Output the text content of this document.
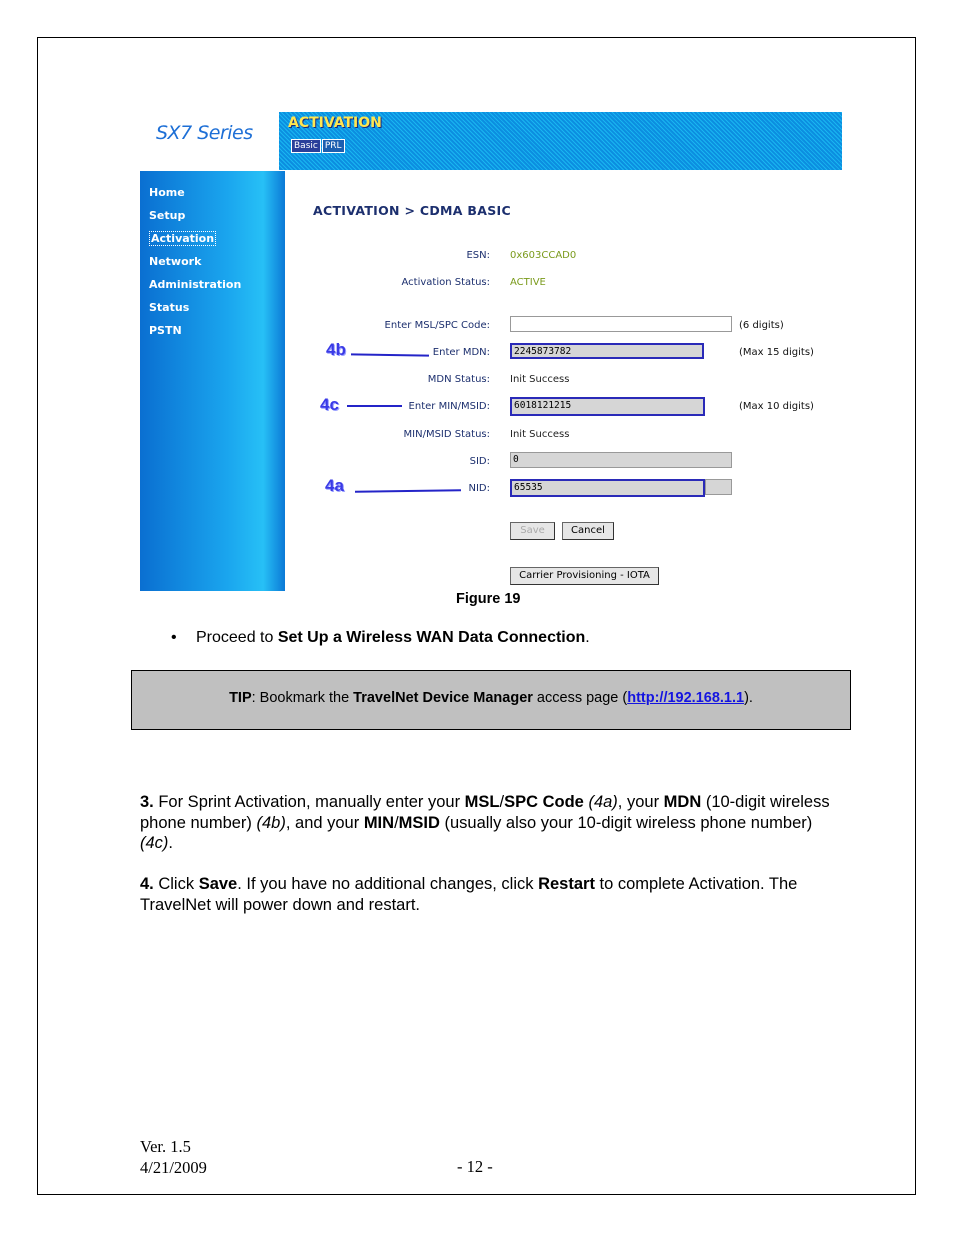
SX7 Series	ACTIVATION
Basic PRL
Home
Setup
Activation
Network
Administration
Status
PSTN
ACTIVATION > CDMA BASIC
ESN: 0x603CCAD0
Activation Status: ACTIVE
Enter MSL/SPC Code:	(6 digits)
Enter MDN:	2245873782	(Max 15 digits)
MDN Status: Init Success
Enter MIN/MSID:	6018121215	(Max 10 digits)
MIN/MSID Status: Init Success
SID:	0
NID:	65535
Save	Cancel
Carrier Provisioning - IOTA
4b
4c
4a
Figure 19
• Proceed to Set Up a Wireless WAN Data Connection.
TIP: Bookmark the TravelNet Device Manager access page (http://192.168.1.1).
3. For Sprint Activation, manually enter your MSL/SPC Code (4a), your MDN (10-digit wireless phone number) (4b), and your MIN/MSID (usually also your 10-digit wireless phone number) (4c).
4. Click Save. If you have no additional changes, click Restart to complete Activation. The TravelNet will power down and restart.
Ver. 1.5
4/21/2009	- 12 -
